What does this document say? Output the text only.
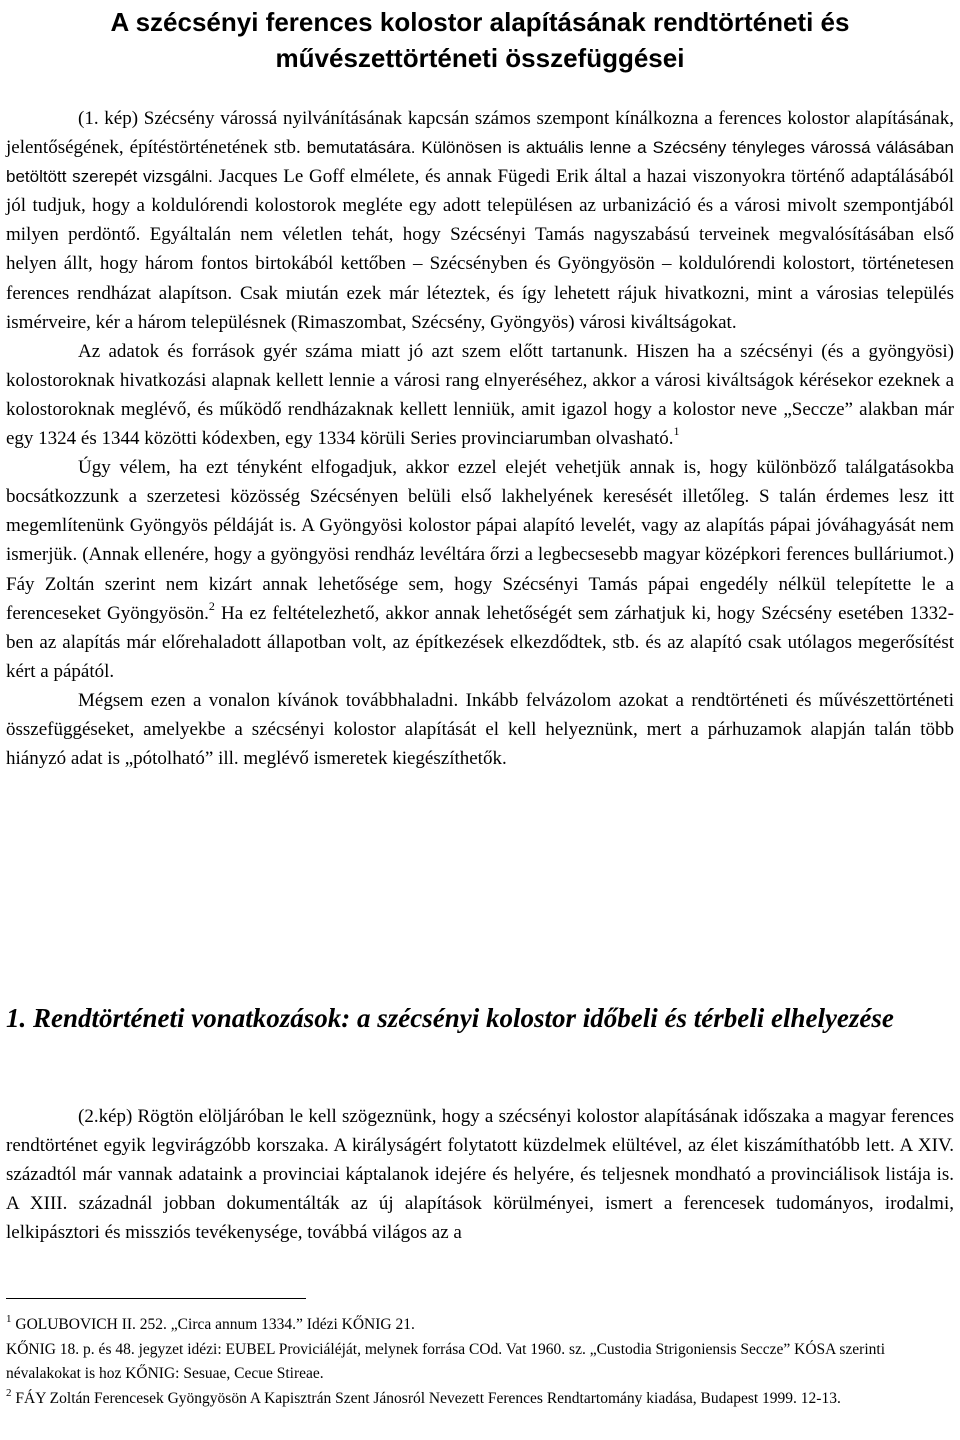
A szécsényi ferences kolostor alapításának rendtörténeti és művészettörténeti összefüggései

(1. kép) Szécsény várossá nyilvánításának kapcsán számos szempont kínálkozna a ferences kolostor alapításának, jelentőségének, építéstörténetének stb. bemutatására. Különösen is aktuális lenne a Szécsény tényleges várossá válásában betöltött szerepét vizsgálni. Jacques Le Goff elmélete, és annak Fügedi Erik által a hazai viszonyokra történő adaptálásából jól tudjuk, hogy a koldulórendi kolostorok megléte egy adott településen az urbanizáció és a városi mivolt szempontjából milyen perdöntő. Egyáltalán nem véletlen tehát, hogy Szécsényi Tamás nagyszabású terveinek megvalósításában első helyen állt, hogy három fontos birtokából kettőben – Szécsényben és Gyöngyösön – koldulórendi kolostort, történetesen ferences rendházat alapítson. Csak miután ezek már léteztek, és így lehetett rájuk hivatkozni, mint a városias település ismérveire, kér a három településnek (Rimaszombat, Szécsény, Gyöngyös) városi kiváltságokat.

Az adatok és források gyér száma miatt jó azt szem előtt tartanunk. Hiszen ha a szécsényi (és a gyöngyösi) kolostoroknak hivatkozási alapnak kellett lennie a városi rang elnyeréséhez, akkor a városi kiváltságok kérésekor ezeknek a kolostoroknak meglévő, és működő rendházaknak kellett lenniük, amit igazol hogy a kolostor neve „Seccze” alakban már egy 1324 és 1344 közötti kódexben, egy 1334 körüli Series provinciarumban olvasható.$^1$

Úgy vélem, ha ezt tényként elfogadjuk, akkor ezzel elejét vehetjük annak is, hogy különböző találgatásokba bocsátkozzunk a szerzetesi közösség Szécsényen belüli első lakhelyének keresését illetőleg. S talán érdemes lesz itt megemlítenünk Gyöngyös példáját is. A Gyöngyösi kolostor pápai alapító levelét, vagy az alapítás pápai jóváhagyását nem ismerjük. (Annak ellenére, hogy a gyöngyösi rendház levéltára őrzi a legbecsesebb magyar középkori ferences bulláriumot.) Fáy Zoltán szerint nem kizárt annak lehetősége sem, hogy Szécsényi Tamás pápai engedély nélkül telepítette le a ferenceseket Gyöngyösön.$^2$ Ha ez feltételezhető, akkor annak lehetőségét sem zárhatjuk ki, hogy Szécsény esetében 1332-ben az alapítás már előrehaladott állapotban volt, az építkezések elkezdődtek, stb. és az alapító csak utólagos megerősítést kért a pápától.

Mégsem ezen a vonalon kívánok továbbhaladni. Inkább felvázolom azokat a rendtörténeti és művészettörténeti összefüggéseket, amelyekbe a szécsényi kolostor alapítását el kell helyeznünk, mert a párhuzamok alapján talán több hiányzó adat is „pótolható” ill. meglévő ismeretek kiegészíthetők.

1. Rendtörténeti vonatkozások: a szécsényi kolostor időbeli és térbeli elhelyezése

(2.kép) Rögtön elöljáróban le kell szögeznünk, hogy a szécsényi kolostor alapításának időszaka a magyar ferences rendtörténet egyik legvirágzóbb korszaka. A királyságért folytatott küzdelmek elültével, az élet kiszámíthatóbb lett. A XIV. századtól már vannak adataink a provinciai káptalanok idejére és helyére, és teljesnek mondható a provinciálisok listája is. A XIII. századnál jobban dokumentálták az új alapítások körülményei, ismert a ferencesek tudományos, irodalmi, lelkipásztori és missziós tevékenysége, továbbá világos az a

$^1$ GOLUBOVICH II. 252. „Circa annum 1334.” Idézi KŐNIG 21.

KŐNIG 18. p. és 48. jegyzet idézi: EUBEL Proviciáléját, melynek forrása COd. Vat 1960. sz. „Custodia Strigoniensis Seccze” KÓSA szerinti névalakokat is hoz KŐNIG: Sesuae, Cecue Stireae.

$^2$ FÁY Zoltán Ferencesek Gyöngyösön A Kapisztrán Szent Jánosról Nevezett Ferences Rendtartomány kiadása, Budapest 1999. 12-13.
